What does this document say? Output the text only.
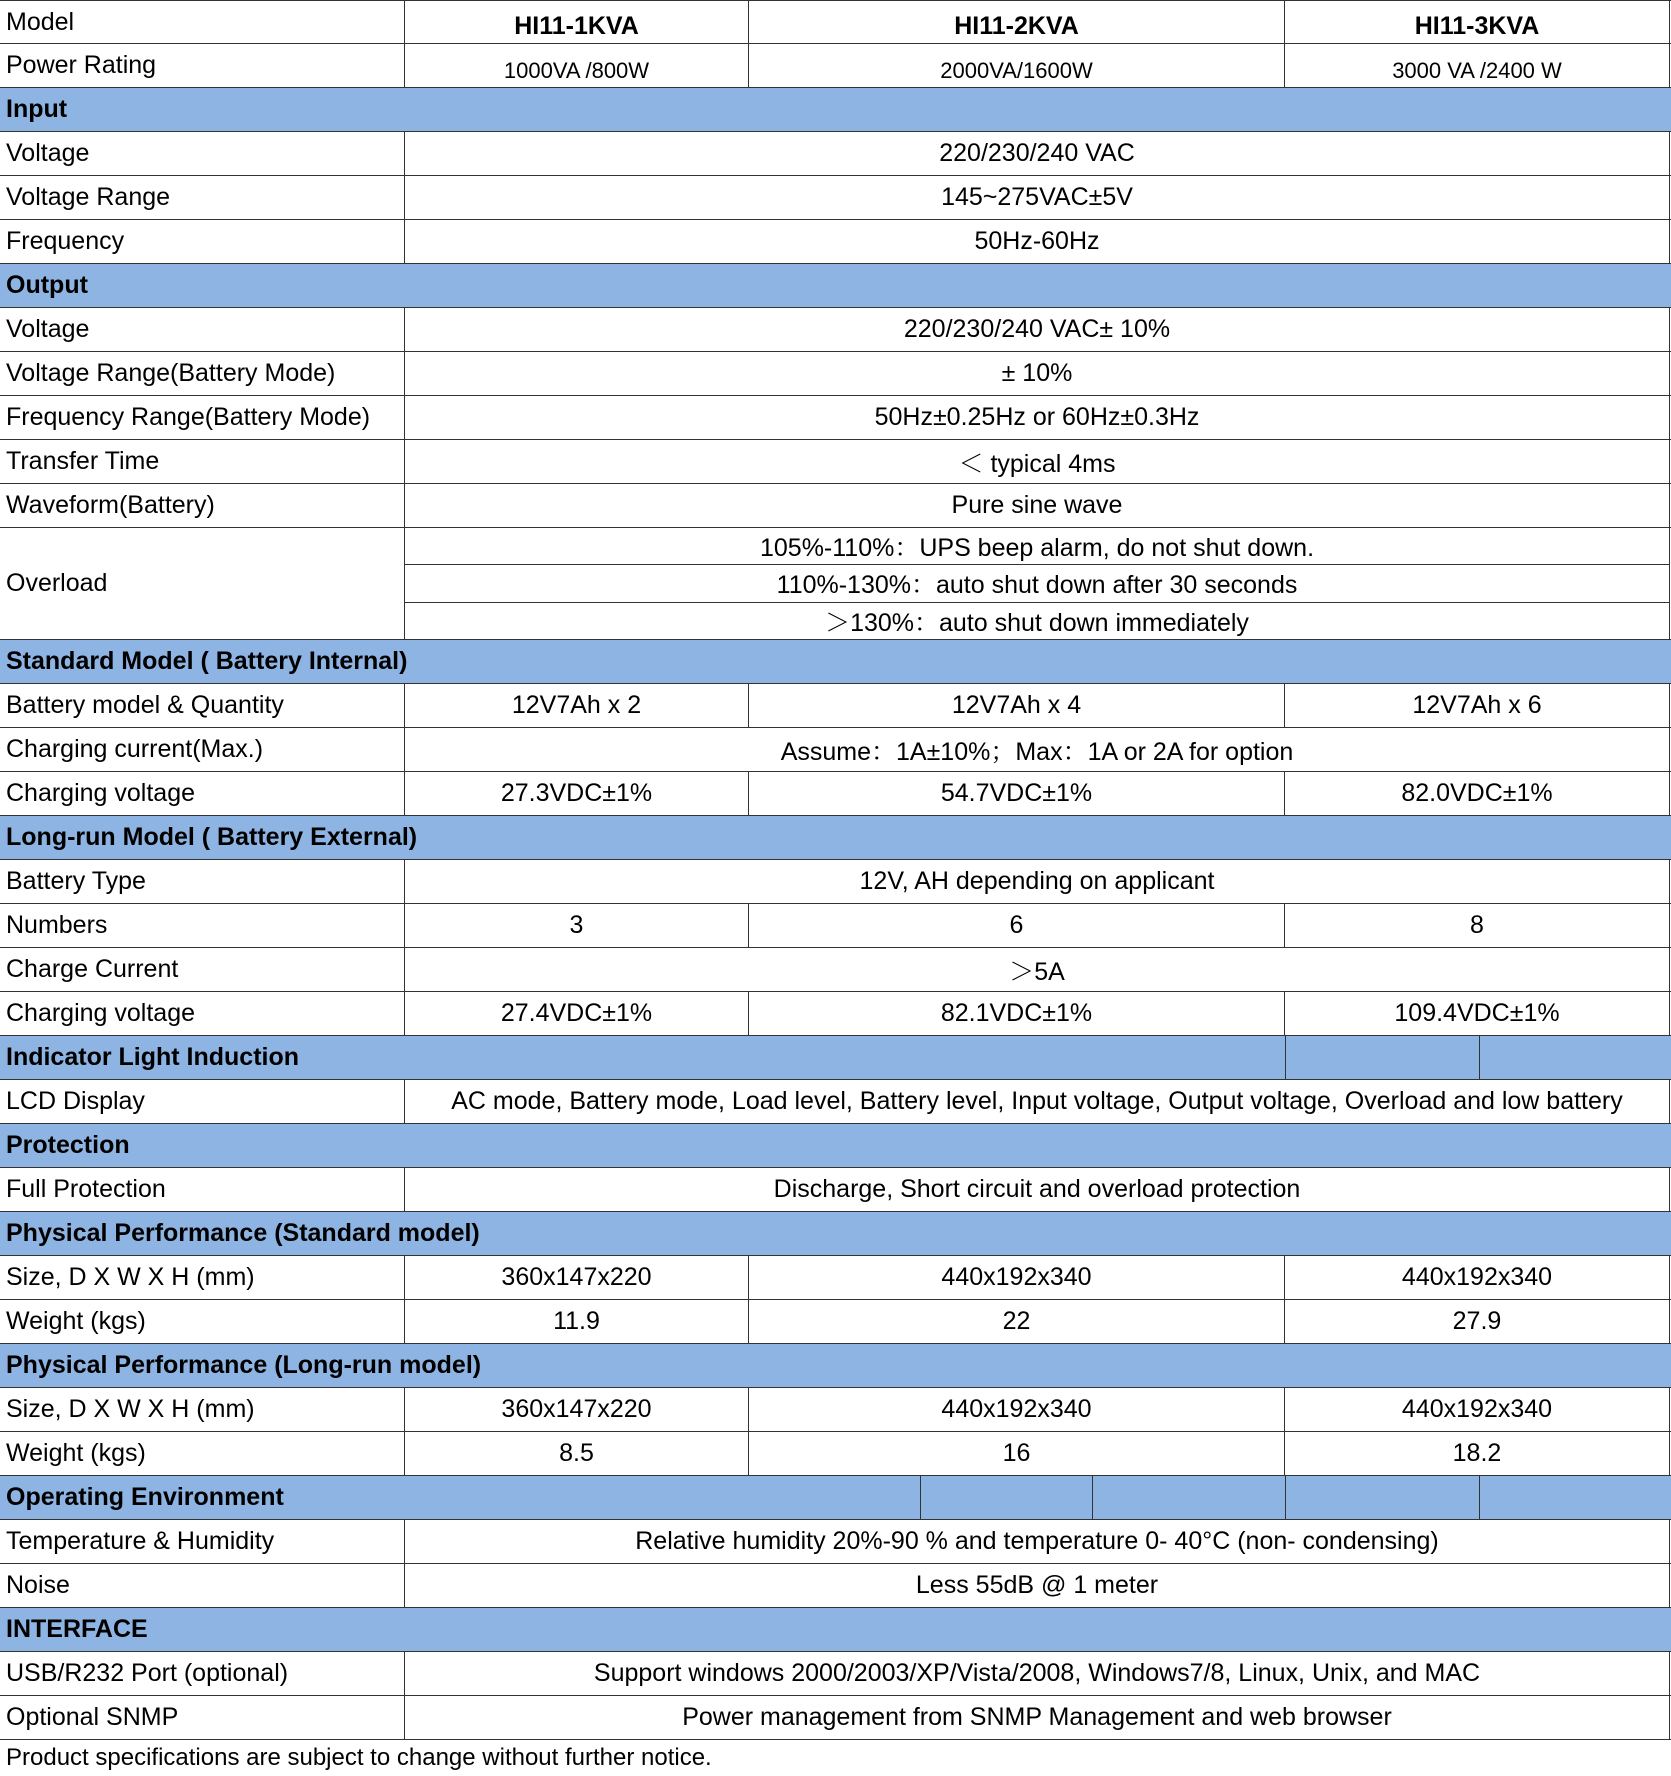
Model	HI11-1KVA	HI11-2KVA	HI11-3KVA
Power Rating	1000VA /800W	2000VA/1600W	3000 VA /2400 W
Input
Voltage	220/230/240 VAC
Voltage Range	145~275VAC±5V
Frequency	50Hz-60Hz
Output
Voltage	220/230/240 VAC± 10%
Voltage Range(Battery Mode)	± 10%
Frequency Range(Battery Mode)	50Hz±0.25Hz or 60Hz±0.3Hz
Transfer Time	＜ typical 4ms
Waveform(Battery)	Pure sine wave
Overload
105%-110%：UPS beep alarm, do not shut down.
110%-130%：auto shut down after 30 seconds
＞130%：auto shut down immediately
Standard Model ( Battery Internal)
Battery model & Quantity	12V7Ah x 2	12V7Ah x 4	12V7Ah x 6
Charging current(Max.)	Assume：1A±10%；Max：1A or 2A for option
Charging voltage	27.3VDC±1%	54.7VDC±1%	82.0VDC±1%
Long-run Model ( Battery External)
Battery Type	12V, AH depending on applicant
Numbers	3	6	8
Charge Current	＞5A
Charging voltage	27.4VDC±1%	82.1VDC±1%	109.4VDC±1%
Indicator Light Induction
LCD Display	AC mode, Battery mode, Load level, Battery level, Input voltage, Output voltage, Overload and low battery
Protection
Full Protection	Discharge, Short circuit and overload protection
Physical Performance (Standard model)
Size, D X W X H (mm)	360x147x220	440x192x340	440x192x340
Weight (kgs)	11.9	22	27.9
Physical Performance (Long-run model)
Size, D X W X H (mm)	360x147x220	440x192x340	440x192x340
Weight (kgs)	8.5	16	18.2
Operating Environment
Temperature & Humidity	Relative humidity 20%-90 % and temperature 0- 40°C (non- condensing)
Noise	Less 55dB @ 1 meter
INTERFACE
USB/R232 Port (optional)	Support windows 2000/2003/XP/Vista/2008, Windows7/8, Linux, Unix, and MAC
Optional SNMP	Power management from SNMP Management and web browser
Product specifications are subject to change without further notice.
